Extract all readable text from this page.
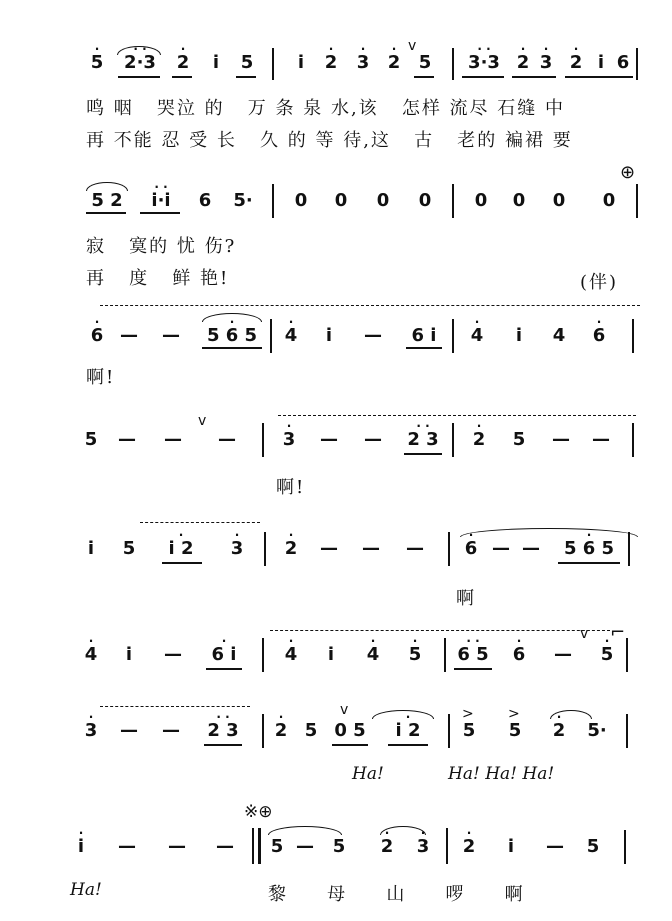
·
5
· ·
2·3
·
2	i	5	i
·
2
·
3
·
2
v
5
· ·
3·3
·
2
·
3
·
2 i 6
鸣 咽   哭泣 的   万 条 泉 水,该   怎样 流尽 石缝 中
再 不能 忍 受 长   久 的 等 待,这   古   老的 褊裙 要
⊕
5 2
· ·
i·i	6	5·	0 0 0 0 0 0 0 0
寂   寞的 忧 伤?
再   度   鲜 艳!	(伴)
·
6 — —
·
5 6 5
·
4	i	—	6 i
·
4	i	4
·
6
啊!
5 — —
v
—
·
3 — —
· ·
2 3
·
2 5 — —
啊!
i	5
·
i 2
·
3
·
2 — — —
·
6 — —
·
5 6 5
啊
⌐
·
4	i	—
·
6 i
·
4	i
·
4
·
5
· ·
6 5
·
6 —
v	·
5
·
3 — —
· ·
2 3
·
2 5
v
0 5
·
i 2
>
5
>
5
·
2	5·
Ha!	Ha! Ha! Ha!
※⊕
·
i	— — — 5 — 5
·
2
·
3
·
2	i	— 5
Ha!	黎   母   山   啰   啊
